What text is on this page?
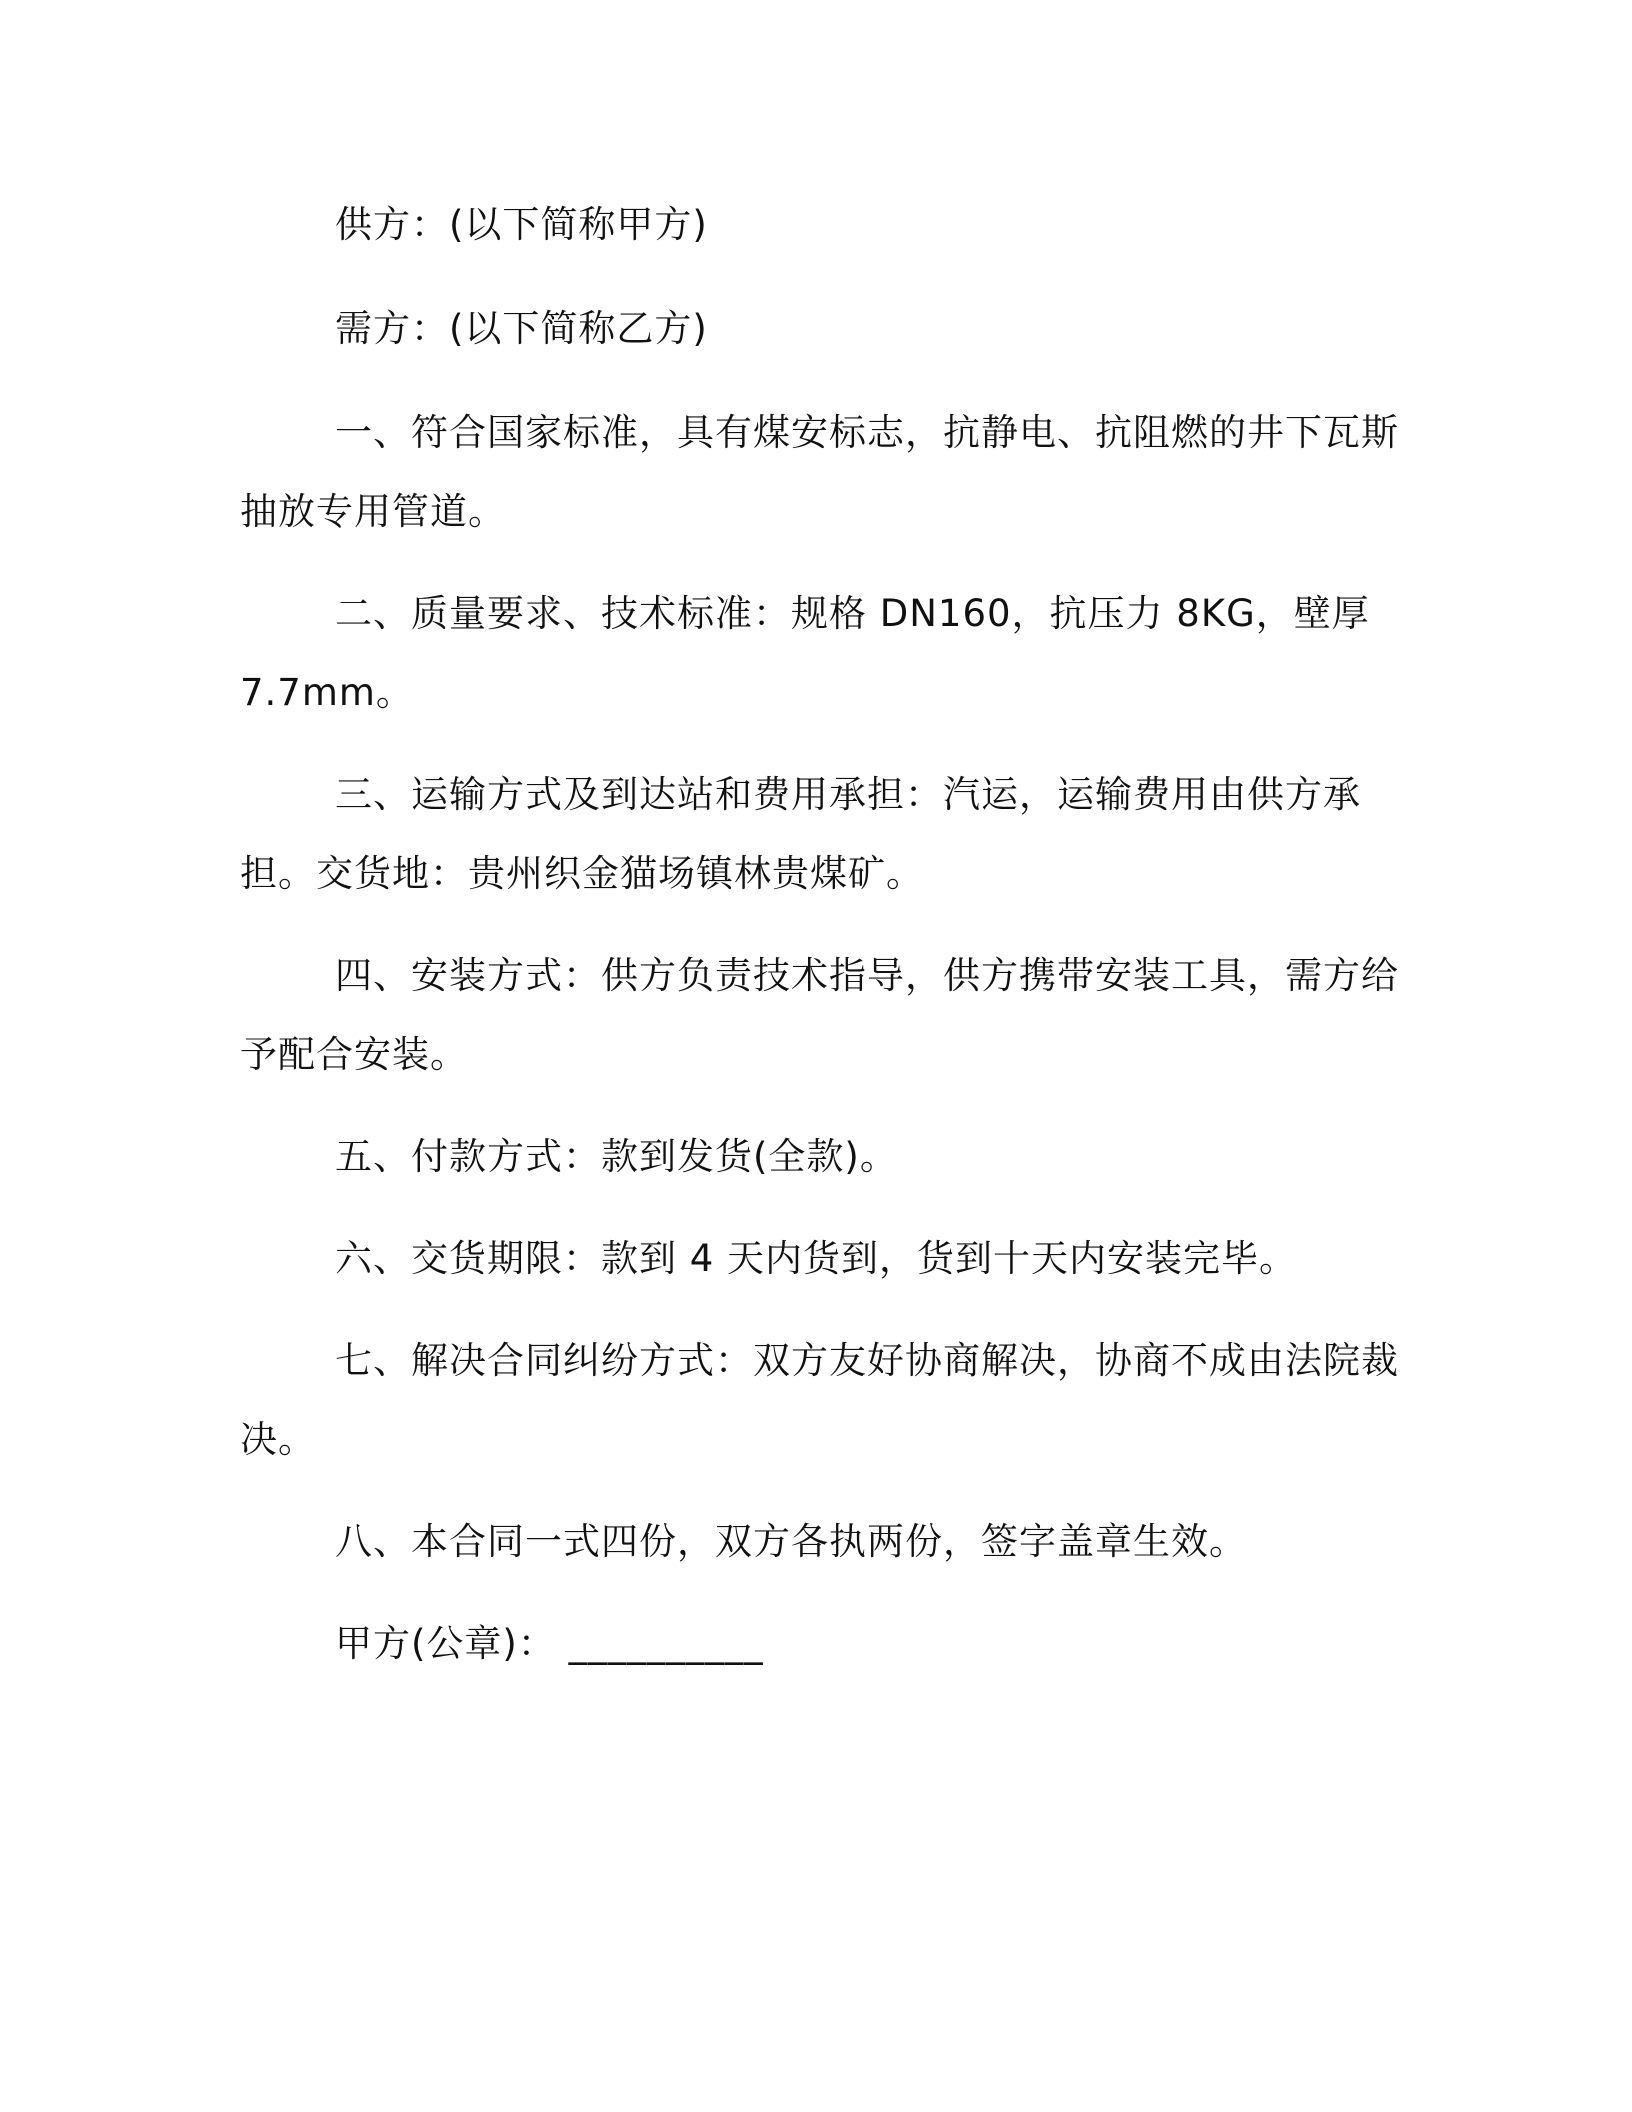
供方：(以下简称甲方)

需方：(以下简称乙方)

一、符合国家标准，具有煤安标志，抗静电、抗阻燃的井下瓦斯抽放专用管道。

二、质量要求、技术标准：规格 DN160，抗压力 8KG，壁厚 7.7mm。

三、运输方式及到达站和费用承担：汽运，运输费用由供方承担。交货地：贵州织金猫场镇林贵煤矿。

四、安装方式：供方负责技术指导，供方携带安装工具，需方给予配合安装。

五、付款方式：款到发货(全款)。

六、交货期限：款到 4 天内货到，货到十天内安装完毕。

七、解决合同纠纷方式：双方友好协商解决，协商不成由法院裁决。

八、本合同一式四份，双方各执两份，签字盖章生效。

甲方(公章)： __________
